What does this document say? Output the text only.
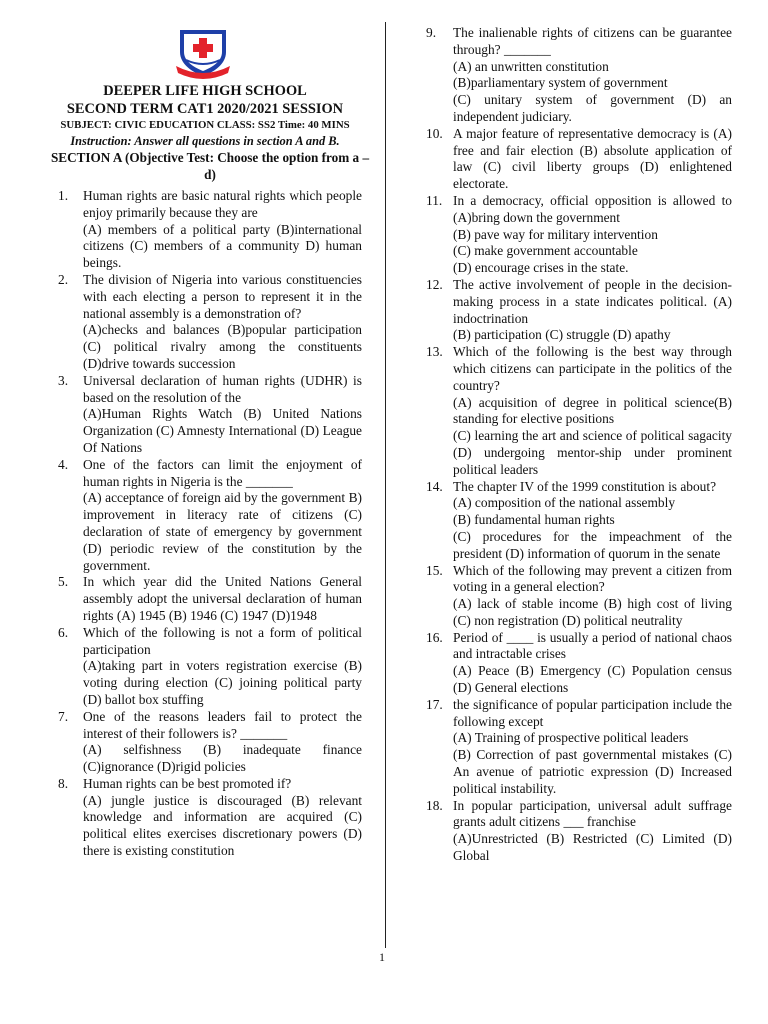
DEEPER LIFE HIGH SCHOOL
SECOND TERM CAT1 2020/2021 SESSION
SUBJECT: CIVIC EDUCATION CLASS: SS2 Time: 40 MINS
Instruction: Answer all questions in section A and B.
SECTION A (Objective Test: Choose the option from a – d)
1. Human rights are basic natural rights which people enjoy primarily because they are
(A) members of a political party (B)international citizens (C) members of a community D) human beings.
2. The division of Nigeria into various constituencies with each electing a person to represent it in the national assembly is a demonstration of?
(A)checks and balances (B)popular participation (C) political rivalry among the constituents (D)drive towards succession
3. Universal declaration of human rights (UDHR) is based on the resolution of the
(A)Human Rights Watch (B) United Nations Organization (C) Amnesty International (D) League Of Nations
4. One of the factors can limit the enjoyment of human rights in Nigeria is the _______
(A) acceptance of foreign aid by the government B) improvement in literacy rate of citizens (C) declaration of state of emergency by government (D) periodic review of the constitution by the government.
5. In which year did the United Nations General assembly adopt the universal declaration of human rights (A) 1945 (B) 1946 (C) 1947 (D)1948
6. Which of the following is not a form of political participation
(A)taking part in voters registration exercise (B) voting during election (C) joining political party (D) ballot box stuffing
7. One of the reasons leaders fail to protect the interest of their followers is? _______
(A) selfishness (B) inadequate finance (C)ignorance (D)rigid policies
8. Human rights can be best promoted if?
(A) jungle justice is discouraged (B) relevant knowledge and information are acquired (C) political elites exercises discretionary powers (D) there is existing constitution
9. The inalienable rights of citizens can be guarantee through? _______
(A) an unwritten constitution
(B)parliamentary system of government
(C) unitary system of government (D) an independent judiciary.
10. A major feature of representative democracy is (A) free and fair election (B) absolute application of law (C) civil liberty groups (D) enlightened electorate.
11. In a democracy, official opposition is allowed to (A)bring down the government
(B) pave way for military intervention
(C) make government accountable
(D) encourage crises in the state.
12. The active involvement of people in the decision-making process in a state indicates political. (A) indoctrination
(B) participation (C) struggle (D) apathy
13. Which of the following is the best way through which citizens can participate in the politics of the country?
(A) acquisition of degree in political science(B) standing for elective positions
(C) learning the art and science of political sagacity (D) undergoing mentor-ship under prominent political leaders
14. The chapter IV of the 1999 constitution is about?
(A) composition of the national assembly
(B) fundamental human rights
(C) procedures for the impeachment of the president (D) information of quorum in the senate
15. Which of the following may prevent a citizen from voting in a general election?
(A) lack of stable income (B) high cost of living (C) non registration (D) political neutrality
16. Period of ____ is usually a period of national chaos and intractable crises
(A) Peace (B) Emergency (C) Population census (D) General elections
17. the significance of popular participation include the following except
(A) Training of prospective political leaders
(B) Correction of past governmental mistakes (C) An avenue of patriotic expression (D) Increased political instability.
18. In popular participation, universal adult suffrage grants adult citizens ___ franchise
(A)Unrestricted (B) Restricted (C) Limited (D) Global
1
